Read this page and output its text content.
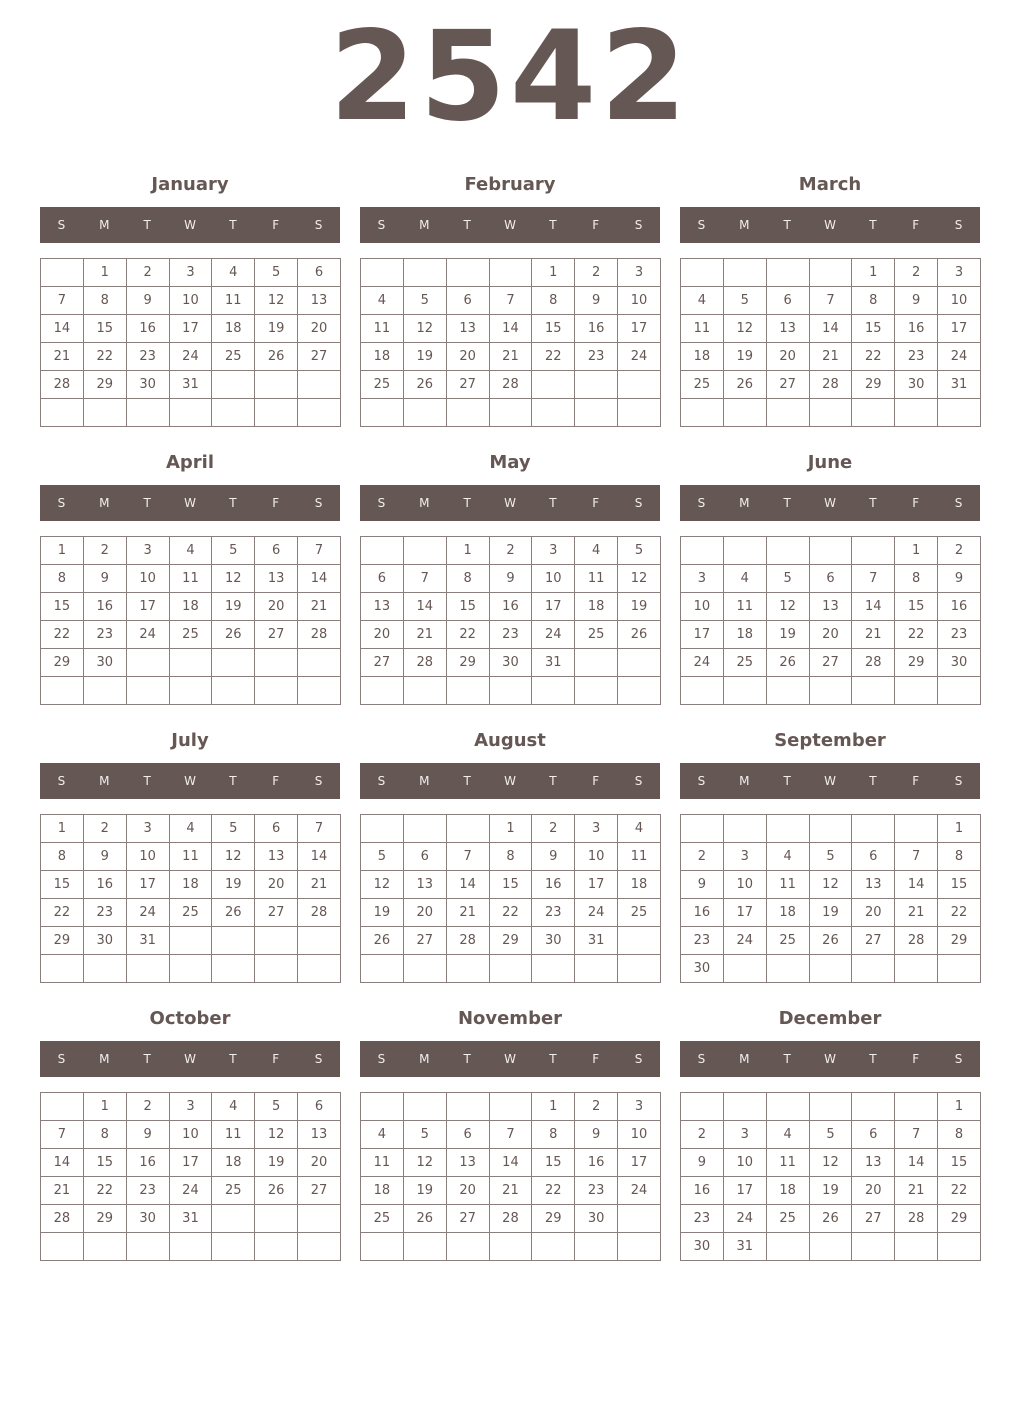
2542
January
S	M	T	W	T	F	S
	1	2	3	4	5	6
7	8	9	10	11	12	13
14	15	16	17	18	19	20
21	22	23	24	25	26	27
28	29	30	31			

February
S	M	T	W	T	F	S
				1	2	3
4	5	6	7	8	9	10
11	12	13	14	15	16	17
18	19	20	21	22	23	24
25	26	27	28			

March
S	M	T	W	T	F	S
				1	2	3
4	5	6	7	8	9	10
11	12	13	14	15	16	17
18	19	20	21	22	23	24
25	26	27	28	29	30	31

April
S	M	T	W	T	F	S
1	2	3	4	5	6	7
8	9	10	11	12	13	14
15	16	17	18	19	20	21
22	23	24	25	26	27	28
29	30					

May
S	M	T	W	T	F	S
		1	2	3	4	5
6	7	8	9	10	11	12
13	14	15	16	17	18	19
20	21	22	23	24	25	26
27	28	29	30	31		

June
S	M	T	W	T	F	S
					1	2
3	4	5	6	7	8	9
10	11	12	13	14	15	16
17	18	19	20	21	22	23
24	25	26	27	28	29	30

July
S	M	T	W	T	F	S
1	2	3	4	5	6	7
8	9	10	11	12	13	14
15	16	17	18	19	20	21
22	23	24	25	26	27	28
29	30	31				

August
S	M	T	W	T	F	S
			1	2	3	4
5	6	7	8	9	10	11
12	13	14	15	16	17	18
19	20	21	22	23	24	25
26	27	28	29	30	31	

September
S	M	T	W	T	F	S
						1
2	3	4	5	6	7	8
9	10	11	12	13	14	15
16	17	18	19	20	21	22
23	24	25	26	27	28	29
30						
October
S	M	T	W	T	F	S
	1	2	3	4	5	6
7	8	9	10	11	12	13
14	15	16	17	18	19	20
21	22	23	24	25	26	27
28	29	30	31			

November
S	M	T	W	T	F	S
				1	2	3
4	5	6	7	8	9	10
11	12	13	14	15	16	17
18	19	20	21	22	23	24
25	26	27	28	29	30	

December
S	M	T	W	T	F	S
						1
2	3	4	5	6	7	8
9	10	11	12	13	14	15
16	17	18	19	20	21	22
23	24	25	26	27	28	29
30	31					
